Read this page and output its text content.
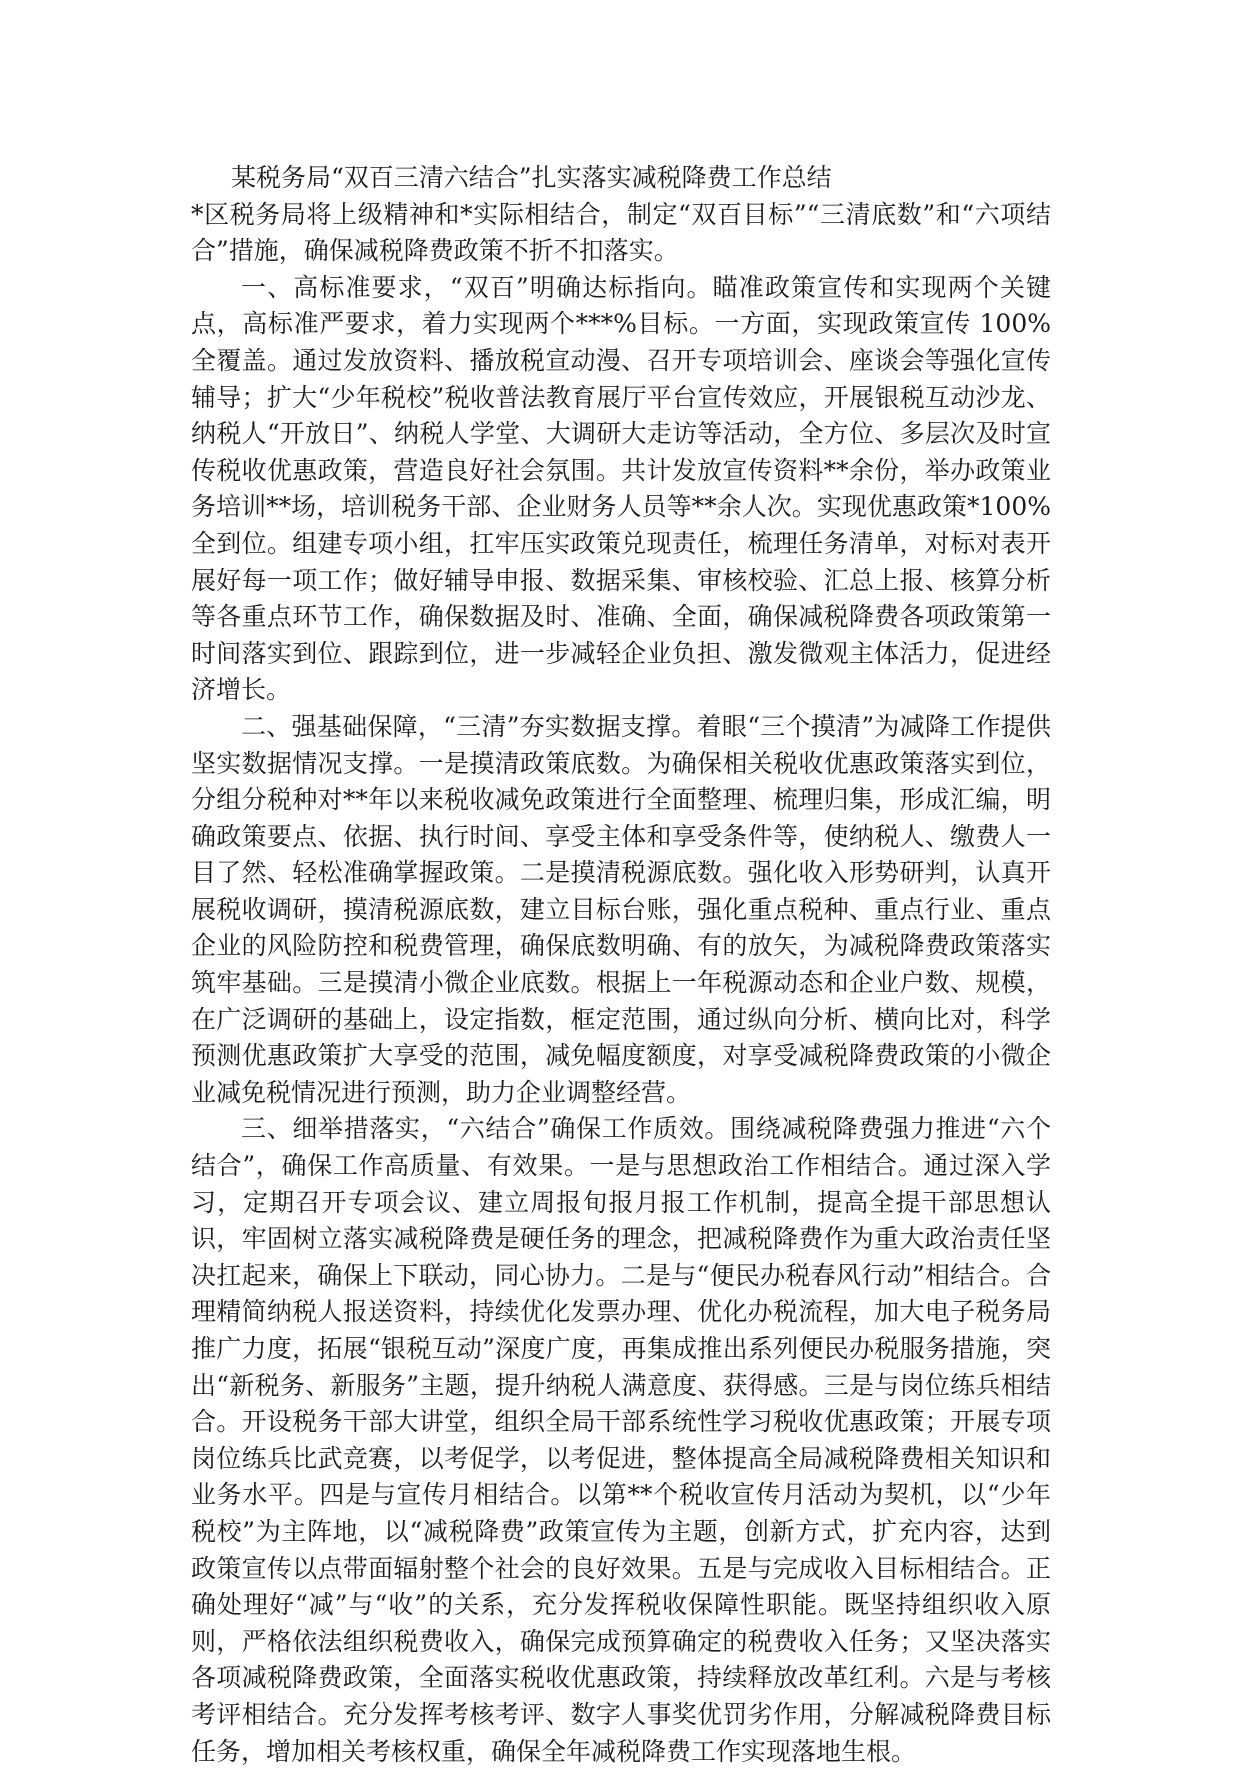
某税务局“双百三清六结合”扎实落实减税降费工作总结

*区税务局将上级精神和*实际相结合，制定“双百目标”“三清底数”和“六项结合”措施，确保减税降费政策不折不扣落实。

一、高标准要求，“双百”明确达标指向。瞄准政策宣传和实现两个关键点，高标准严要求，着力实现两个***%目标。一方面，实现政策宣传 100%全覆盖。通过发放资料、播放税宣动漫、召开专项培训会、座谈会等强化宣传辅导；扩大“少年税校”税收普法教育展厅平台宣传效应，开展银税互动沙龙、纳税人“开放日”、纳税人学堂、大调研大走访等活动，全方位、多层次及时宣传税收优惠政策，营造良好社会氛围。共计发放宣传资料**余份，举办政策业务培训**场，培训税务干部、企业财务人员等**余人次。实现优惠政策*100%全到位。组建专项小组，扛牢压实政策兑现责任，梳理任务清单，对标对表开展好每一项工作；做好辅导申报、数据采集、审核校验、汇总上报、核算分析等各重点环节工作，确保数据及时、准确、全面，确保减税降费各项政策第一时间落实到位、跟踪到位，进一步减轻企业负担、激发微观主体活力，促进经济增长。

二、强基础保障，“三清”夯实数据支撑。着眼“三个摸清”为减降工作提供坚实数据情况支撑。一是摸清政策底数。为确保相关税收优惠政策落实到位，分组分税种对**年以来税收减免政策进行全面整理、梳理归集，形成汇编，明确政策要点、依据、执行时间、享受主体和享受条件等，使纳税人、缴费人一目了然、轻松准确掌握政策。二是摸清税源底数。强化收入形势研判，认真开展税收调研，摸清税源底数，建立目标台账，强化重点税种、重点行业、重点企业的风险防控和税费管理，确保底数明确、有的放矢，为减税降费政策落实筑牢基础。三是摸清小微企业底数。根据上一年税源动态和企业户数、规模，在广泛调研的基础上，设定指数，框定范围，通过纵向分析、横向比对，科学预测优惠政策扩大享受的范围，减免幅度额度，对享受减税降费政策的小微企业减免税情况进行预测，助力企业调整经营。

三、细举措落实，“六结合”确保工作质效。围绕减税降费强力推进“六个结合”，确保工作高质量、有效果。一是与思想政治工作相结合。通过深入学习，定期召开专项会议、建立周报旬报月报工作机制，提高全提干部思想认识，牢固树立落实减税降费是硬任务的理念，把减税降费作为重大政治责任坚决扛起来，确保上下联动，同心协力。二是与“便民办税春风行动”相结合。合理精简纳税人报送资料，持续优化发票办理、优化办税流程，加大电子税务局推广力度，拓展“银税互动”深度广度，再集成推出系列便民办税服务措施，突出“新税务、新服务”主题，提升纳税人满意度、获得感。三是与岗位练兵相结合。开设税务干部大讲堂，组织全局干部系统性学习税收优惠政策；开展专项岗位练兵比武竞赛，以考促学，以考促进，整体提高全局减税降费相关知识和业务水平。四是与宣传月相结合。以第**个税收宣传月活动为契机，以“少年税校”为主阵地，以“减税降费”政策宣传为主题，创新方式，扩充内容，达到政策宣传以点带面辐射整个社会的良好效果。五是与完成收入目标相结合。正确处理好“减”与“收”的关系，充分发挥税收保障性职能。既坚持组织收入原则，严格依法组织税费收入，确保完成预算确定的税费收入任务；又坚决落实各项减税降费政策，全面落实税收优惠政策，持续释放改革红利。六是与考核考评相结合。充分发挥考核考评、数字人事奖优罚劣作用，分解减税降费目标任务，增加相关考核权重，确保全年减税降费工作实现落地生根。
